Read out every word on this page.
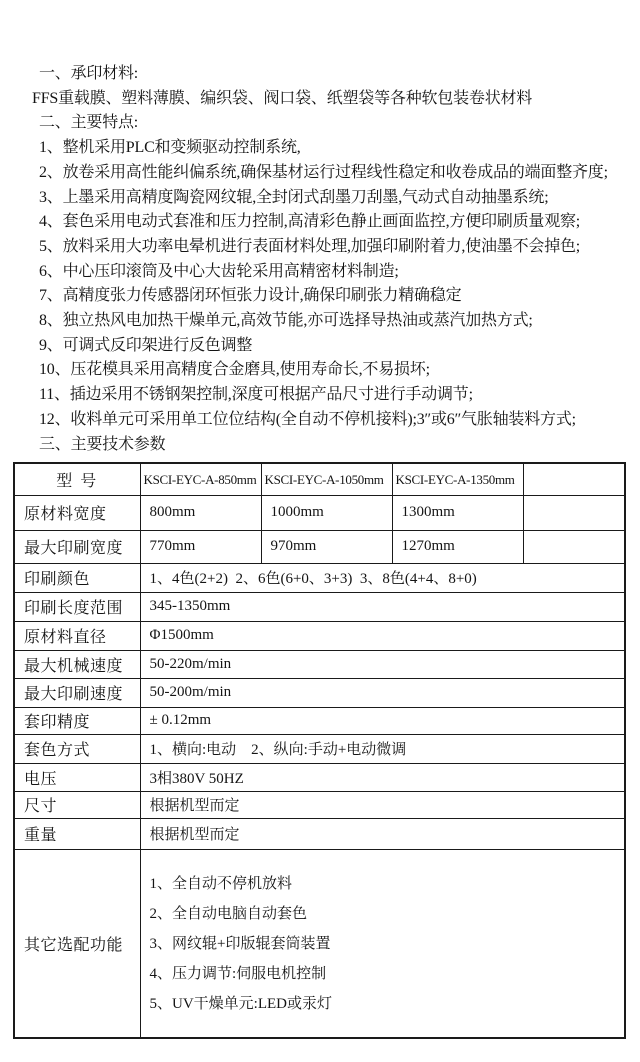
一、承印材料:
FFS重载膜、塑料薄膜、编织袋、阀口袋、纸塑袋等各种软包装卷状材料
二、主要特点:
1、整机采用PLC和变频驱动控制系统,
2、放卷采用高性能纠偏系统,确保基材运行过程线性稳定和收卷成品的端面整齐度;
3、上墨采用高精度陶瓷网纹辊,全封闭式刮墨刀刮墨,气动式自动抽墨系统;
4、套色采用电动式套准和压力控制,高清彩色静止画面监控,方便印刷质量观察;
5、放料采用大功率电晕机进行表面材料处理,加强印刷附着力,使油墨不会掉色;
6、中心压印滚筒及中心大齿轮采用高精密材料制造;
7、高精度张力传感器闭环恒张力设计,确保印刷张力精确稳定
8、独立热风电加热干燥单元,高效节能,亦可选择导热油或蒸汽加热方式;
9、可调式反印架进行反色调整
10、压花模具采用高精度合金磨具,使用寿命长,不易损坏;
11、插边采用不锈钢架控制,深度可根据产品尺寸进行手动调节;
12、收料单元可采用单工位位结构(全自动不停机接料);3″或6″气胀轴装料方式;
三、主要技术参数
型 号	KSCI-EYC-A-850mm	KSCI-EYC-A-1050mm	KSCI-EYC-A-1350mm	
原材料宽度	800mm	1000mm	1300mm	
最大印刷宽度	770mm	970mm	1270mm	
印刷颜色	1、4色(2+2)  2、6色(6+0、3+3)  3、8色(4+4、8+0)			
印刷长度范围	345-1350mm			
原材料直径	Φ1500mm			
最大机械速度	50-220m/min			
最大印刷速度	50-200m/min			
套印精度	± 0.12mm			
套色方式	1、横向:电动    2、纵向:手动+电动微调			
电压	3相380V 50HZ			
尺寸	根据机型而定			
重量	根据机型而定			
其它选配功能	1、全自动不停机放料
2、全自动电脑自动套色
3、网纹辊+印版辊套筒装置
4、压力调节:伺服电机控制
5、UV干燥单元:LED或汞灯			
